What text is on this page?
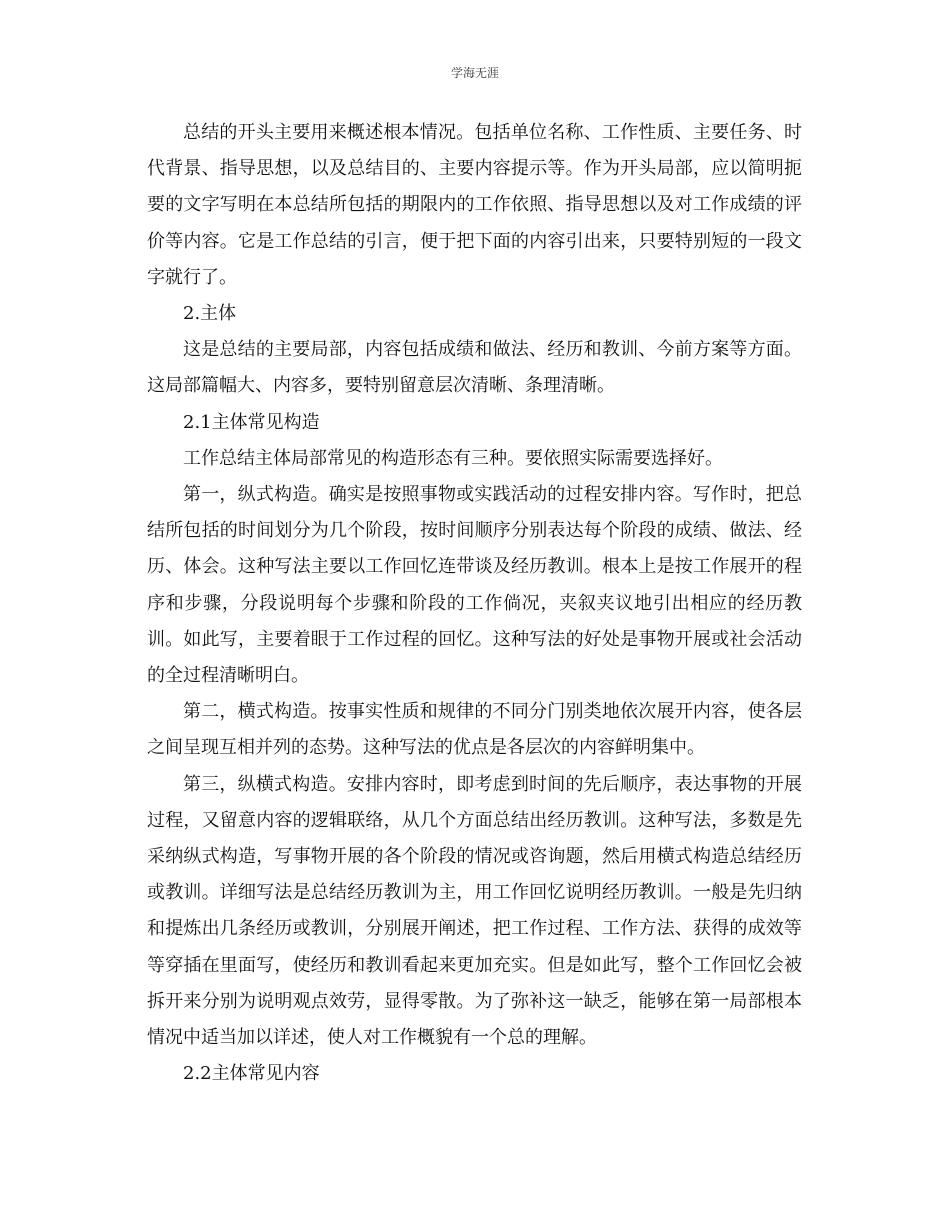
学海无涯

总结的开头主要用来概述根本情况。包括单位名称、工作性质、主要任务、时代背景、指导思想，以及总结目的、主要内容提示等。作为开头局部，应以简明扼要的文字写明在本总结所包括的期限内的工作依照、指导思想以及对工作成绩的评价等内容。它是工作总结的引言，便于把下面的内容引出来，只要特别短的一段文字就行了。

2.主体

这是总结的主要局部，内容包括成绩和做法、经历和教训、今前方案等方面。这局部篇幅大、内容多，要特别留意层次清晰、条理清晰。

2.1主体常见构造

工作总结主体局部常见的构造形态有三种。要依照实际需要选择好。

第一，纵式构造。确实是按照事物或实践活动的过程安排内容。写作时，把总结所包括的时间划分为几个阶段，按时间顺序分别表达每个阶段的成绩、做法、经历、体会。这种写法主要以工作回忆连带谈及经历教训。根本上是按工作展开的程序和步骤，分段说明每个步骤和阶段的工作倘况，夹叙夹议地引出相应的经历教训。如此写，主要着眼于工作过程的回忆。这种写法的好处是事物开展或社会活动的全过程清晰明白。

第二，横式构造。按事实性质和规律的不同分门别类地依次展开内容，使各层之间呈现互相并列的态势。这种写法的优点是各层次的内容鲜明集中。

第三，纵横式构造。安排内容时，即考虑到时间的先后顺序，表达事物的开展过程，又留意内容的逻辑联络，从几个方面总结出经历教训。这种写法，多数是先采纳纵式构造，写事物开展的各个阶段的情况或咨询题，然后用横式构造总结经历或教训。详细写法是总结经历教训为主，用工作回忆说明经历教训。一般是先归纳和提炼出几条经历或教训，分别展开阐述，把工作过程、工作方法、获得的成效等等穿插在里面写，使经历和教训看起来更加充实。但是如此写，整个工作回忆会被拆开来分别为说明观点效劳，显得零散。为了弥补这一缺乏，能够在第一局部根本情况中适当加以详述，使人对工作概貌有一个总的理解。

2.2主体常见内容
